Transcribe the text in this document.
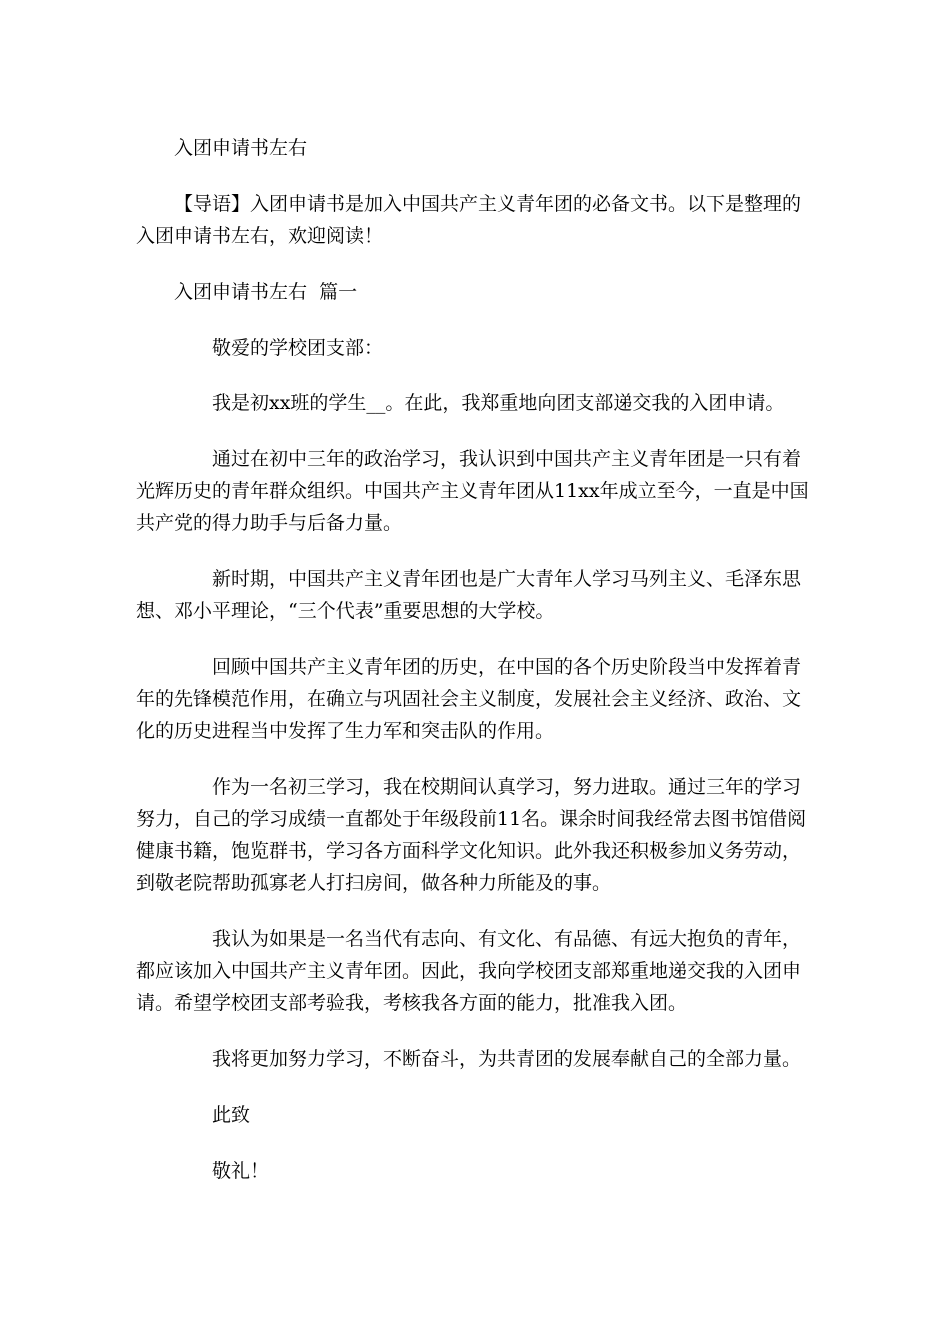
入团申请书左右

【导语】入团申请书是加入中国共产主义青年团的必备文书。以下是整理的入团申请书左右，欢迎阅读！

入团申请书左右  篇一

敬爱的学校团支部：

我是初xx班的学生__。在此，我郑重地向团支部递交我的入团申请。

通过在初中三年的政治学习，我认识到中国共产主义青年团是一只有着光辉历史的青年群众组织。中国共产主义青年团从11xx年成立至今，一直是中国共产党的得力助手与后备力量。

新时期，中国共产主义青年团也是广大青年人学习马列主义、毛泽东思想、邓小平理论，“三个代表”重要思想的大学校。

回顾中国共产主义青年团的历史，在中国的各个历史阶段当中发挥着青年的先锋模范作用，在确立与巩固社会主义制度，发展社会主义经济、政治、文化的历史进程当中发挥了生力军和突击队的作用。

作为一名初三学习，我在校期间认真学习，努力进取。通过三年的学习努力，自己的学习成绩一直都处于年级段前11名。课余时间我经常去图书馆借阅健康书籍，饱览群书，学习各方面科学文化知识。此外我还积极参加义务劳动，到敬老院帮助孤寡老人打扫房间，做各种力所能及的事。

我认为如果是一名当代有志向、有文化、有品德、有远大抱负的青年，都应该加入中国共产主义青年团。因此，我向学校团支部郑重地递交我的入团申请。希望学校团支部考验我，考核我各方面的能力，批准我入团。

我将更加努力学习，不断奋斗，为共青团的发展奉献自己的全部力量。

此致

敬礼！
